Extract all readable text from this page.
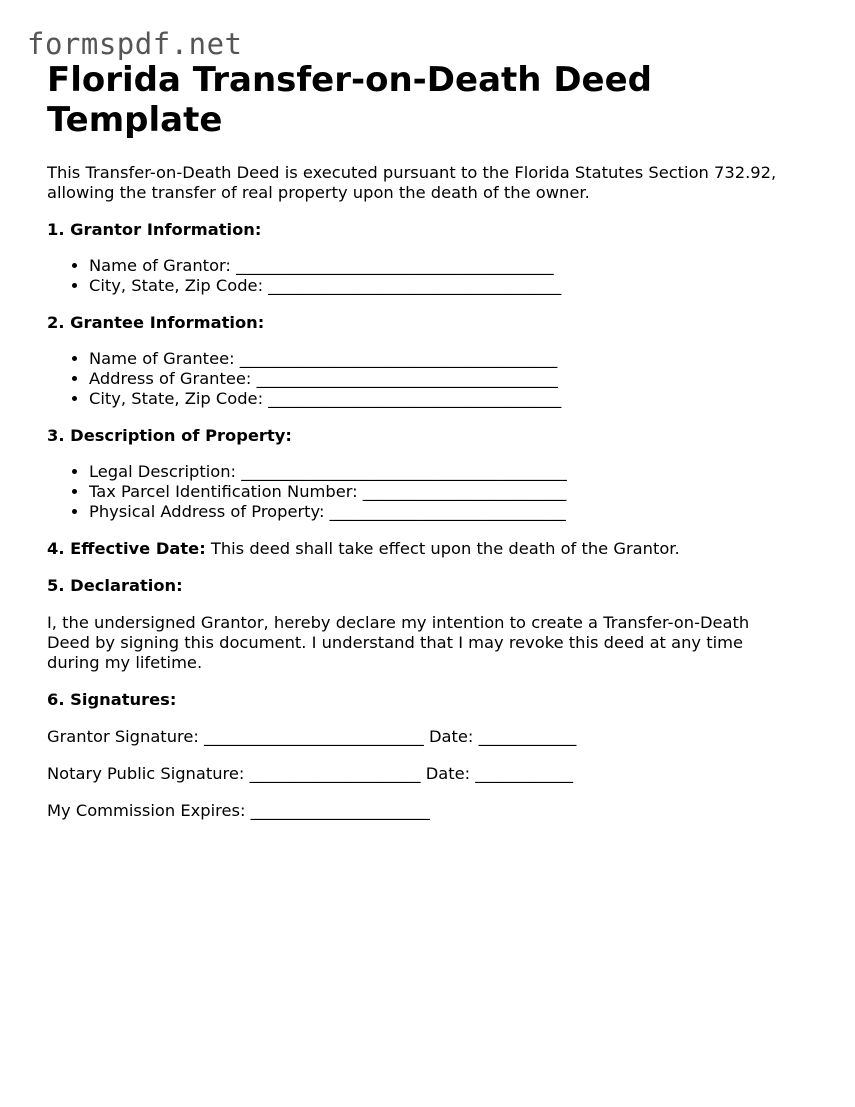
formspdf.net
Florida Transfer-on-Death Deed
Template

This Transfer-on-Death Deed is executed pursuant to the Florida Statutes Section 732.92,
allowing the transfer of real property upon the death of the owner.

1. Grantor Information:

• Name of Grantor: _______________________________________
• City, State, Zip Code: ____________________________________

2. Grantee Information:

• Name of Grantee: _______________________________________
• Address of Grantee: _____________________________________
• City, State, Zip Code: ____________________________________

3. Description of Property:

• Legal Description: ________________________________________
• Tax Parcel Identification Number: _________________________
• Physical Address of Property: _____________________________

4. Effective Date: This deed shall take effect upon the death of the Grantor.

5. Declaration:

I, the undersigned Grantor, hereby declare my intention to create a Transfer-on-Death
Deed by signing this document. I understand that I may revoke this deed at any time
during my lifetime.

6. Signatures:

Grantor Signature: ___________________________ Date: ____________

Notary Public Signature: _____________________ Date: ____________

My Commission Expires: ______________________
